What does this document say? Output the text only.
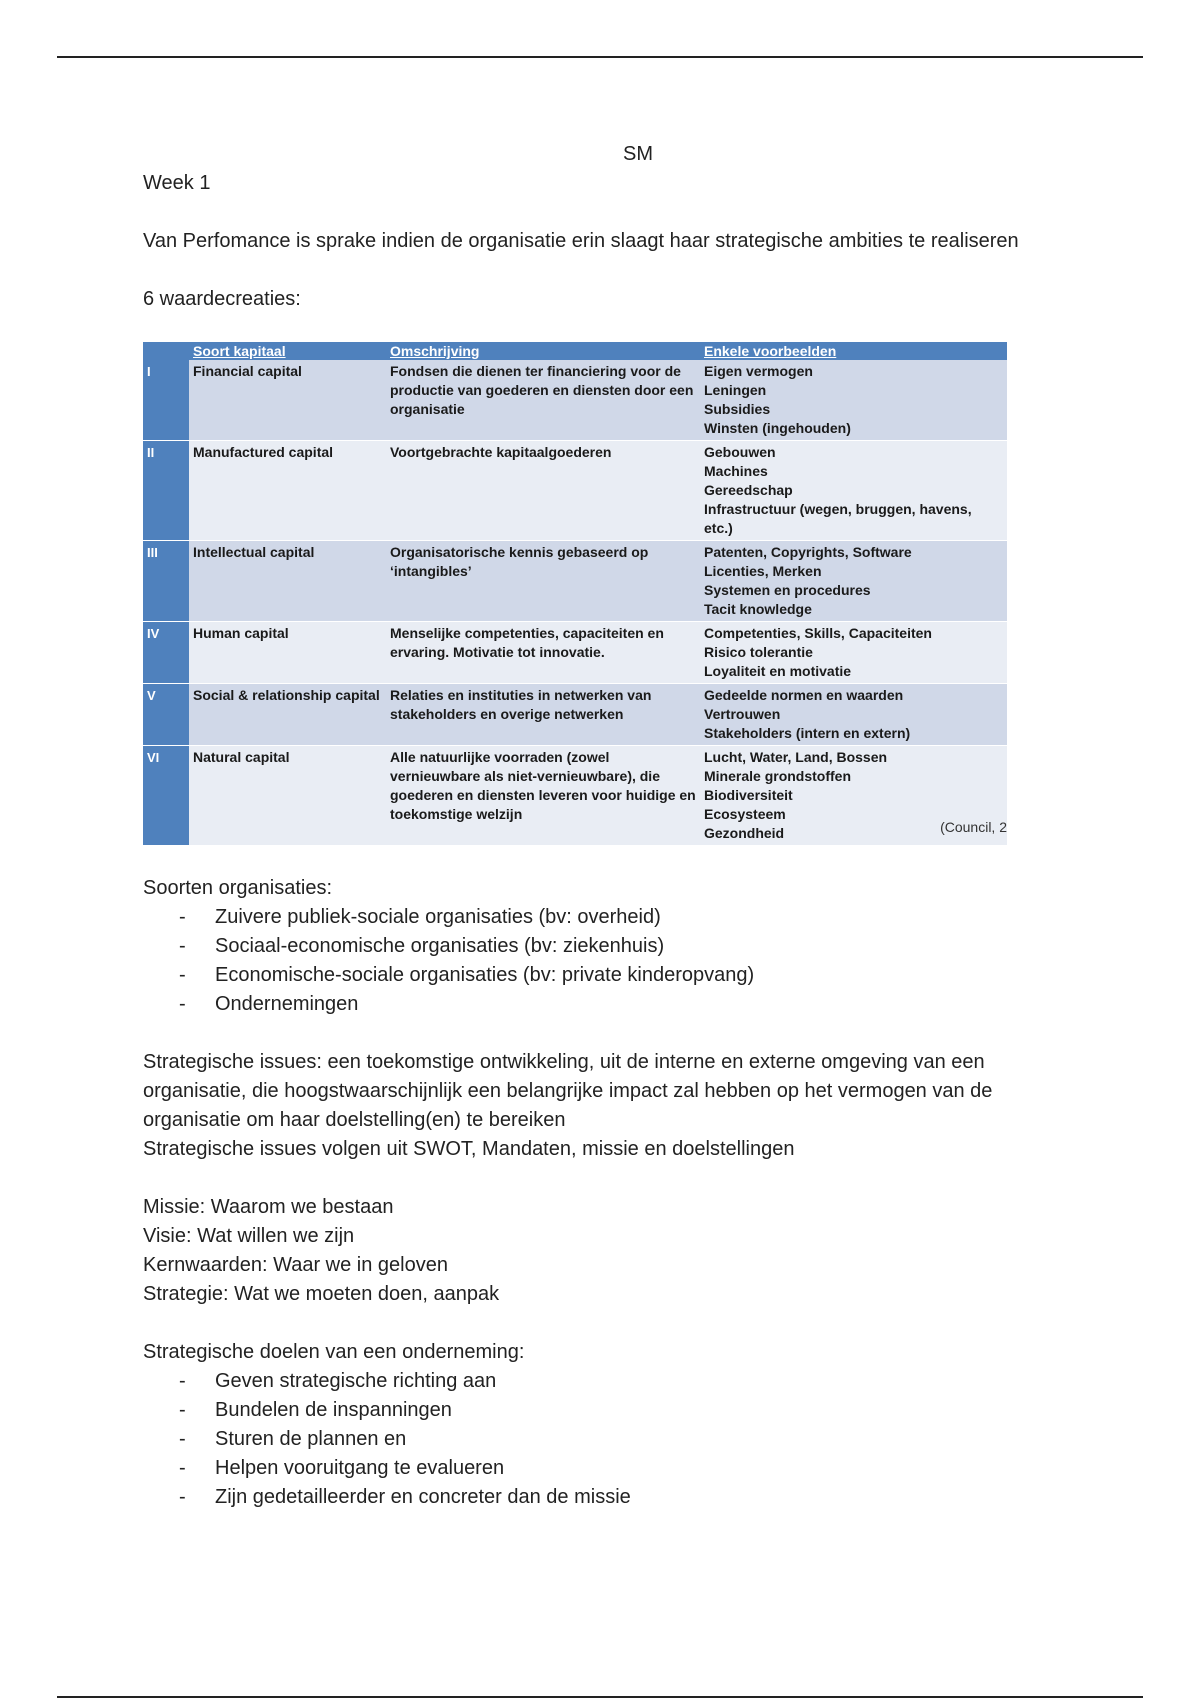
SM

Week 1

Van Perfomance is sprake indien de organisatie erin slaagt haar strategische ambities te realiseren

6 waardecreaties:

	Soort kapitaal	Omschrijving	Enkele voorbeelden
I	Financial capital	Fondsen die dienen ter financiering voor de productie van goederen en diensten door een organisatie	Eigen vermogen
Leningen
Subsidies
Winsten (ingehouden)

II	Manufactured capital	Voortgebrachte kapitaalgoederen	Gebouwen
Machines
Gereedschap
Infrastructuur (wegen, bruggen, havens, etc.)

III	Intellectual capital	Organisatorische kennis gebaseerd op ‘intangibles’	Patenten, Copyrights, Software
Licenties, Merken
Systemen en procedures
Tacit knowledge

IV	Human capital	Menselijke competenties, capaciteiten en ervaring. Motivatie tot innovatie.	Competenties, Skills, Capaciteiten
Risico tolerantie
Loyaliteit en motivatie

V	Social & relationship capital	Relaties en instituties in netwerken van stakeholders en overige netwerken	Gedeelde normen en waarden
Vertrouwen
Stakeholders (intern en extern)

VI	Natural capital	Alle natuurlijke voorraden (zowel vernieuwbare als niet-vernieuwbare), die goederen en diensten leveren voor huidige en toekomstige welzijn	Lucht, Water, Land, Bossen
Minerale grondstoffen
Biodiversiteit
Ecosysteem
Gezondheid	(Council, 2

Soorten organisaties:

- Zuivere publiek-sociale organisaties (bv: overheid)
- Sociaal-economische organisaties (bv: ziekenhuis)
- Economische-sociale organisaties (bv: private kinderopvang)
- Ondernemingen

Strategische issues: een toekomstige ontwikkeling, uit de interne en externe omgeving van een organisatie, die hoogstwaarschijnlijk een belangrijke impact zal hebben op het vermogen van de organisatie om haar doelstelling(en) te bereiken

Strategische issues volgen uit SWOT, Mandaten, missie en doelstellingen

Missie: Waarom we bestaan

Visie: Wat willen we zijn

Kernwaarden: Waar we in geloven

Strategie: Wat we moeten doen, aanpak

Strategische doelen van een onderneming:

- Geven strategische richting aan
- Bundelen de inspanningen
- Sturen de plannen en
- Helpen vooruitgang te evalueren
- Zijn gedetailleerder en concreter dan de missie
